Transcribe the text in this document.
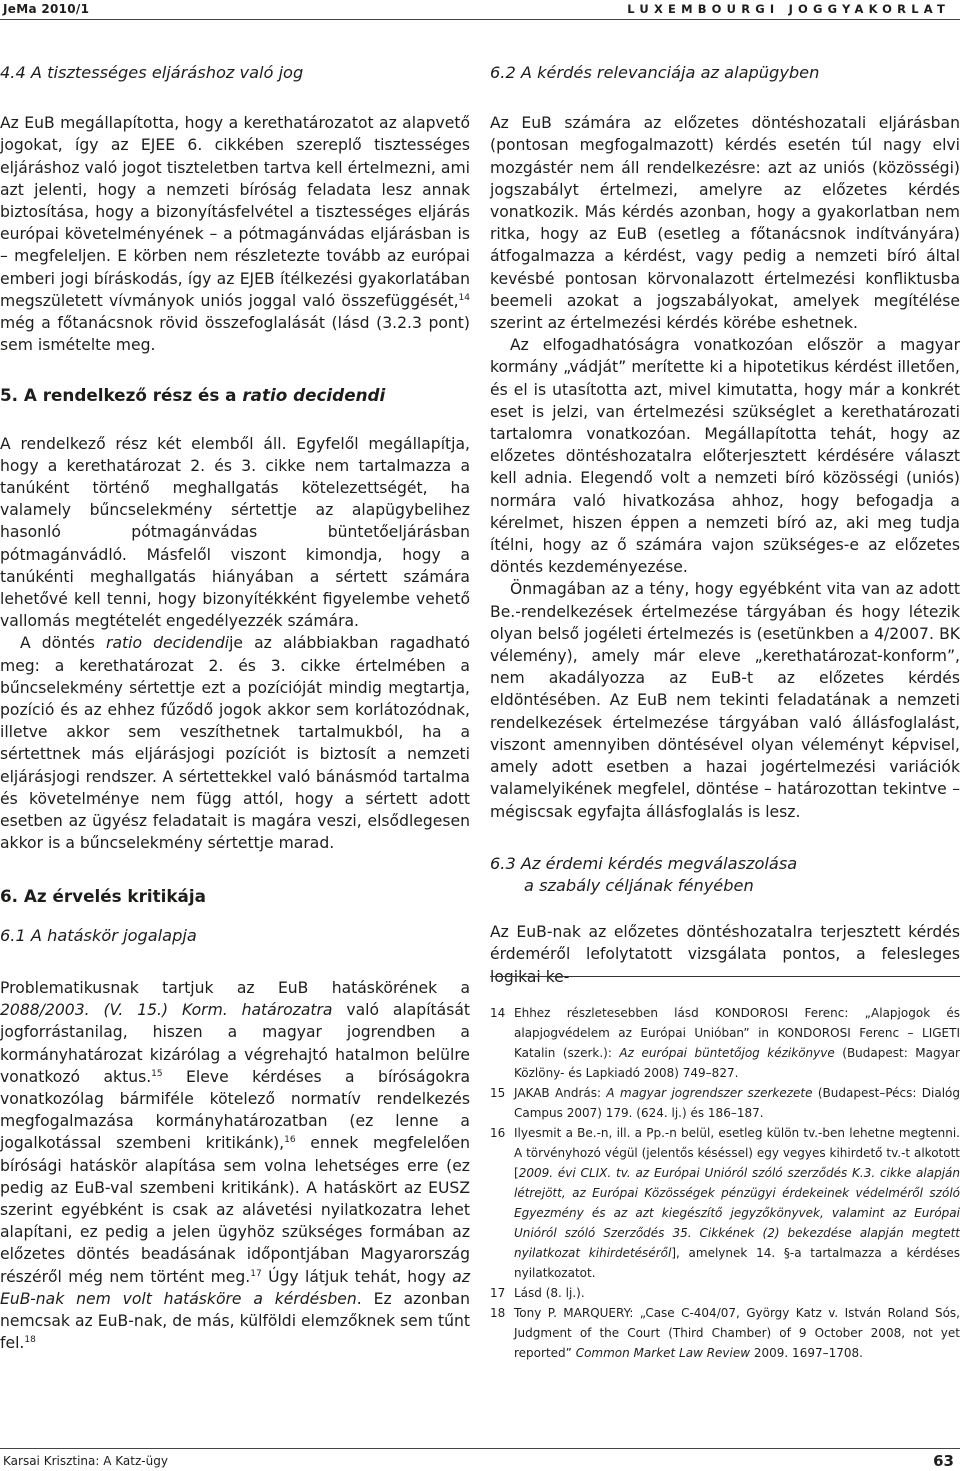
JeMa 2010/1	LUXEMBOURGI JOGGYAKORLAT
4.4 A tisztességes eljáráshoz való jog

Az EuB megállapította, hogy a kerethatározatot az alapvető jogokat, így az EJEE 6. cikkében szereplő tisztességes eljáráshoz való jogot tiszteletben tartva kell értelmezni, ami azt jelenti, hogy a nemzeti bíróság feladata lesz annak biztosítása, hogy a bizonyításfelvétel a tisztességes eljárás európai követelményének – a pótmagánvádas eljárásban is – megfeleljen. E körben nem részletezte tovább az európai emberi jogi bíráskodás, így az EJEB ítélkezési gyakorlatában megszületett vívmányok uniós joggal való összefüggését,$^{14}$ még a főtanácsnok rövid összefoglalását (lásd (3.2.3 pont) sem ismételte meg.

5. A rendelkező rész és a ratio decidendi

A rendelkező rész két elemből áll. Egyfelől megállapítja, hogy a kerethatározat 2. és 3. cikke nem tartalmazza a tanúként történő meghallgatás kötelezettségét, ha valamely bűncselekmény sértettje az alapügybelihez hasonló pótmagánvádas büntetőeljárásban pótmagánvádló. Másfelől viszont kimondja, hogy a tanúkénti meghallgatás hiányában a sértett számára lehetővé kell tenni, hogy bizonyítékként figyelembe vehető vallomás megtételét engedélyezzék számára.

A döntés ratio decidendije az alábbiakban ragadható meg: a kerethatározat 2. és 3. cikke értelmében a bűncselekmény sértettje ezt a pozícióját mindig megtartja, pozíció és az ehhez fűződő jogok akkor sem korlátozódnak, illetve akkor sem veszíthetnek tartalmukból, ha a sértettnek más eljárásjogi pozíciót is biztosít a nemzeti eljárásjogi rendszer. A sértettekkel való bánásmód tartalma és követelménye nem függ attól, hogy a sértett adott esetben az ügyész feladatait is magára veszi, elsődlegesen akkor is a bűncselekmény sértettje marad.

6. Az érvelés kritikája
6.1 A hatáskör jogalapja

Problematikusnak tartjuk az EuB hatáskörének a 2088/2003. (V. 15.) Korm. határozatra való alapítását jogforrástanilag, hiszen a magyar jogrendben a kormányhatározat kizárólag a végrehajtó hatalmon belülre vonatkozó aktus.$^{15}$ Eleve kérdéses a bíróságokra vonatkozólag bármiféle kötelező normatív rendelkezés megfogalmazása kormányhatározatban (ez lenne a jogalkotással szembeni kritikánk),$^{16}$ ennek megfelelően bírósági hatáskör alapítása sem volna lehetséges erre (ez pedig az EuB-val szembeni kritikánk). A hatáskört az EUSZ szerint egyébként is csak az alávetési nyilatkozatra lehet alapítani, ez pedig a jelen ügyhöz szükséges formában az előzetes döntés beadásának időpontjában Magyarország részéről még nem történt meg.$^{17}$ Úgy látjuk tehát, hogy az EuB-nak nem volt hatásköre a kérdésben. Ez azonban nemcsak az EuB-nak, de más, külföldi elemzőknek sem tűnt fel.$^{18}$

6.2 A kérdés relevanciája az alapügyben

Az EuB számára az előzetes döntéshozatali eljárásban (pontosan megfogalmazott) kérdés esetén túl nagy elvi mozgástér nem áll rendelkezésre: azt az uniós (közösségi) jogszabályt értelmezi, amelyre az előzetes kérdés vonatkozik. Más kérdés azonban, hogy a gyakorlatban nem ritka, hogy az EuB (esetleg a főtanácsnok indítványára) átfogalmazza a kérdést, vagy pedig a nemzeti bíró által kevésbé pontosan körvonalazott értelmezési konfliktusba beemeli azokat a jogszabályokat, amelyek megítélése szerint az értelmezési kérdés körébe eshetnek.

Az elfogadhatóságra vonatkozóan először a magyar kormány „vádját” merítette ki a hipotetikus kérdést illetően, és el is utasította azt, mivel kimutatta, hogy már a konkrét eset is jelzi, van értelmezési szükséglet a kerethatározati tartalomra vonatkozóan. Megállapította tehát, hogy az előzetes döntéshozatalra előterjesztett kérdésére választ kell adnia. Elegendő volt a nemzeti bíró közösségi (uniós) normára való hivatkozása ahhoz, hogy befogadja a kérelmet, hiszen éppen a nemzeti bíró az, aki meg tudja ítélni, hogy az ő számára vajon szükséges-e az előzetes döntés kezdeményezése.

Önmagában az a tény, hogy egyébként vita van az adott Be.-rendelkezések értelmezése tárgyában és hogy létezik olyan belső jogéleti értelmezés is (esetünkben a 4/2007. BK vélemény), amely már eleve „kerethatározat-konform”, nem akadályozza az EuB-t az előzetes kérdés eldöntésében. Az EuB nem tekinti feladatának a nemzeti rendelkezések értelmezése tárgyában való állásfoglalást, viszont amennyiben döntésével olyan véleményt képvisel, amely adott esetben a hazai jogértelmezési variációk valamelyikének megfelel, döntése – határozottan tekintve – mégiscsak egyfajta állásfoglalás is lesz.

6.3 Az érdemi kérdés megválaszolása
a szabály céljának fényében

Az EuB-nak az előzetes döntéshozatalra terjesztett kérdés érdeméről lefolytatott vizsgálata pontos, a felesleges logikai ke-

14 Ehhez részletesebben lásd KONDOROSI Ferenc: „Alapjogok és alapjogvédelem az Európai Unióban” in KONDOROSI Ferenc – LIGETI Katalin (szerk.): Az európai büntetőjog kézikönyve (Budapest: Magyar Közlöny- és Lapkiadó 2008) 749–827.
15 JAKAB András: A magyar jogrendszer szerkezete (Budapest–Pécs: Dialóg Campus 2007) 179. (624. lj.) és 186–187.
16 Ilyesmit a Be.-n, ill. a Pp.-n belül, esetleg külön tv.-ben lehetne megtenni. A törvényhozó végül (jelentős késéssel) egy vegyes kihirdető tv.-t alkotott [2009. évi CLIX. tv. az Európai Unióról szóló szerződés K.3. cikke alapján létrejött, az Európai Közösségek pénzügyi érdekeinek védelméről szóló Egyezmény és az azt kiegészítő jegyzőkönyvek, valamint az Európai Unióról szóló Szerződés 35. Cikkének (2) bekezdése alapján megtett nyilatkozat kihirdetéséről], amelynek 14. §-a tartalmazza a kérdéses nyilatkozatot.
17 Lásd (8. lj.).
18 Tony P. MARQUERY: „Case C-404/07, György Katz v. István Roland Sós, Judgment of the Court (Third Chamber) of 9 October 2008, not yet reported” Common Market Law Review 2009. 1697–1708.
Karsai Krisztina: A Katz-ügy	63
